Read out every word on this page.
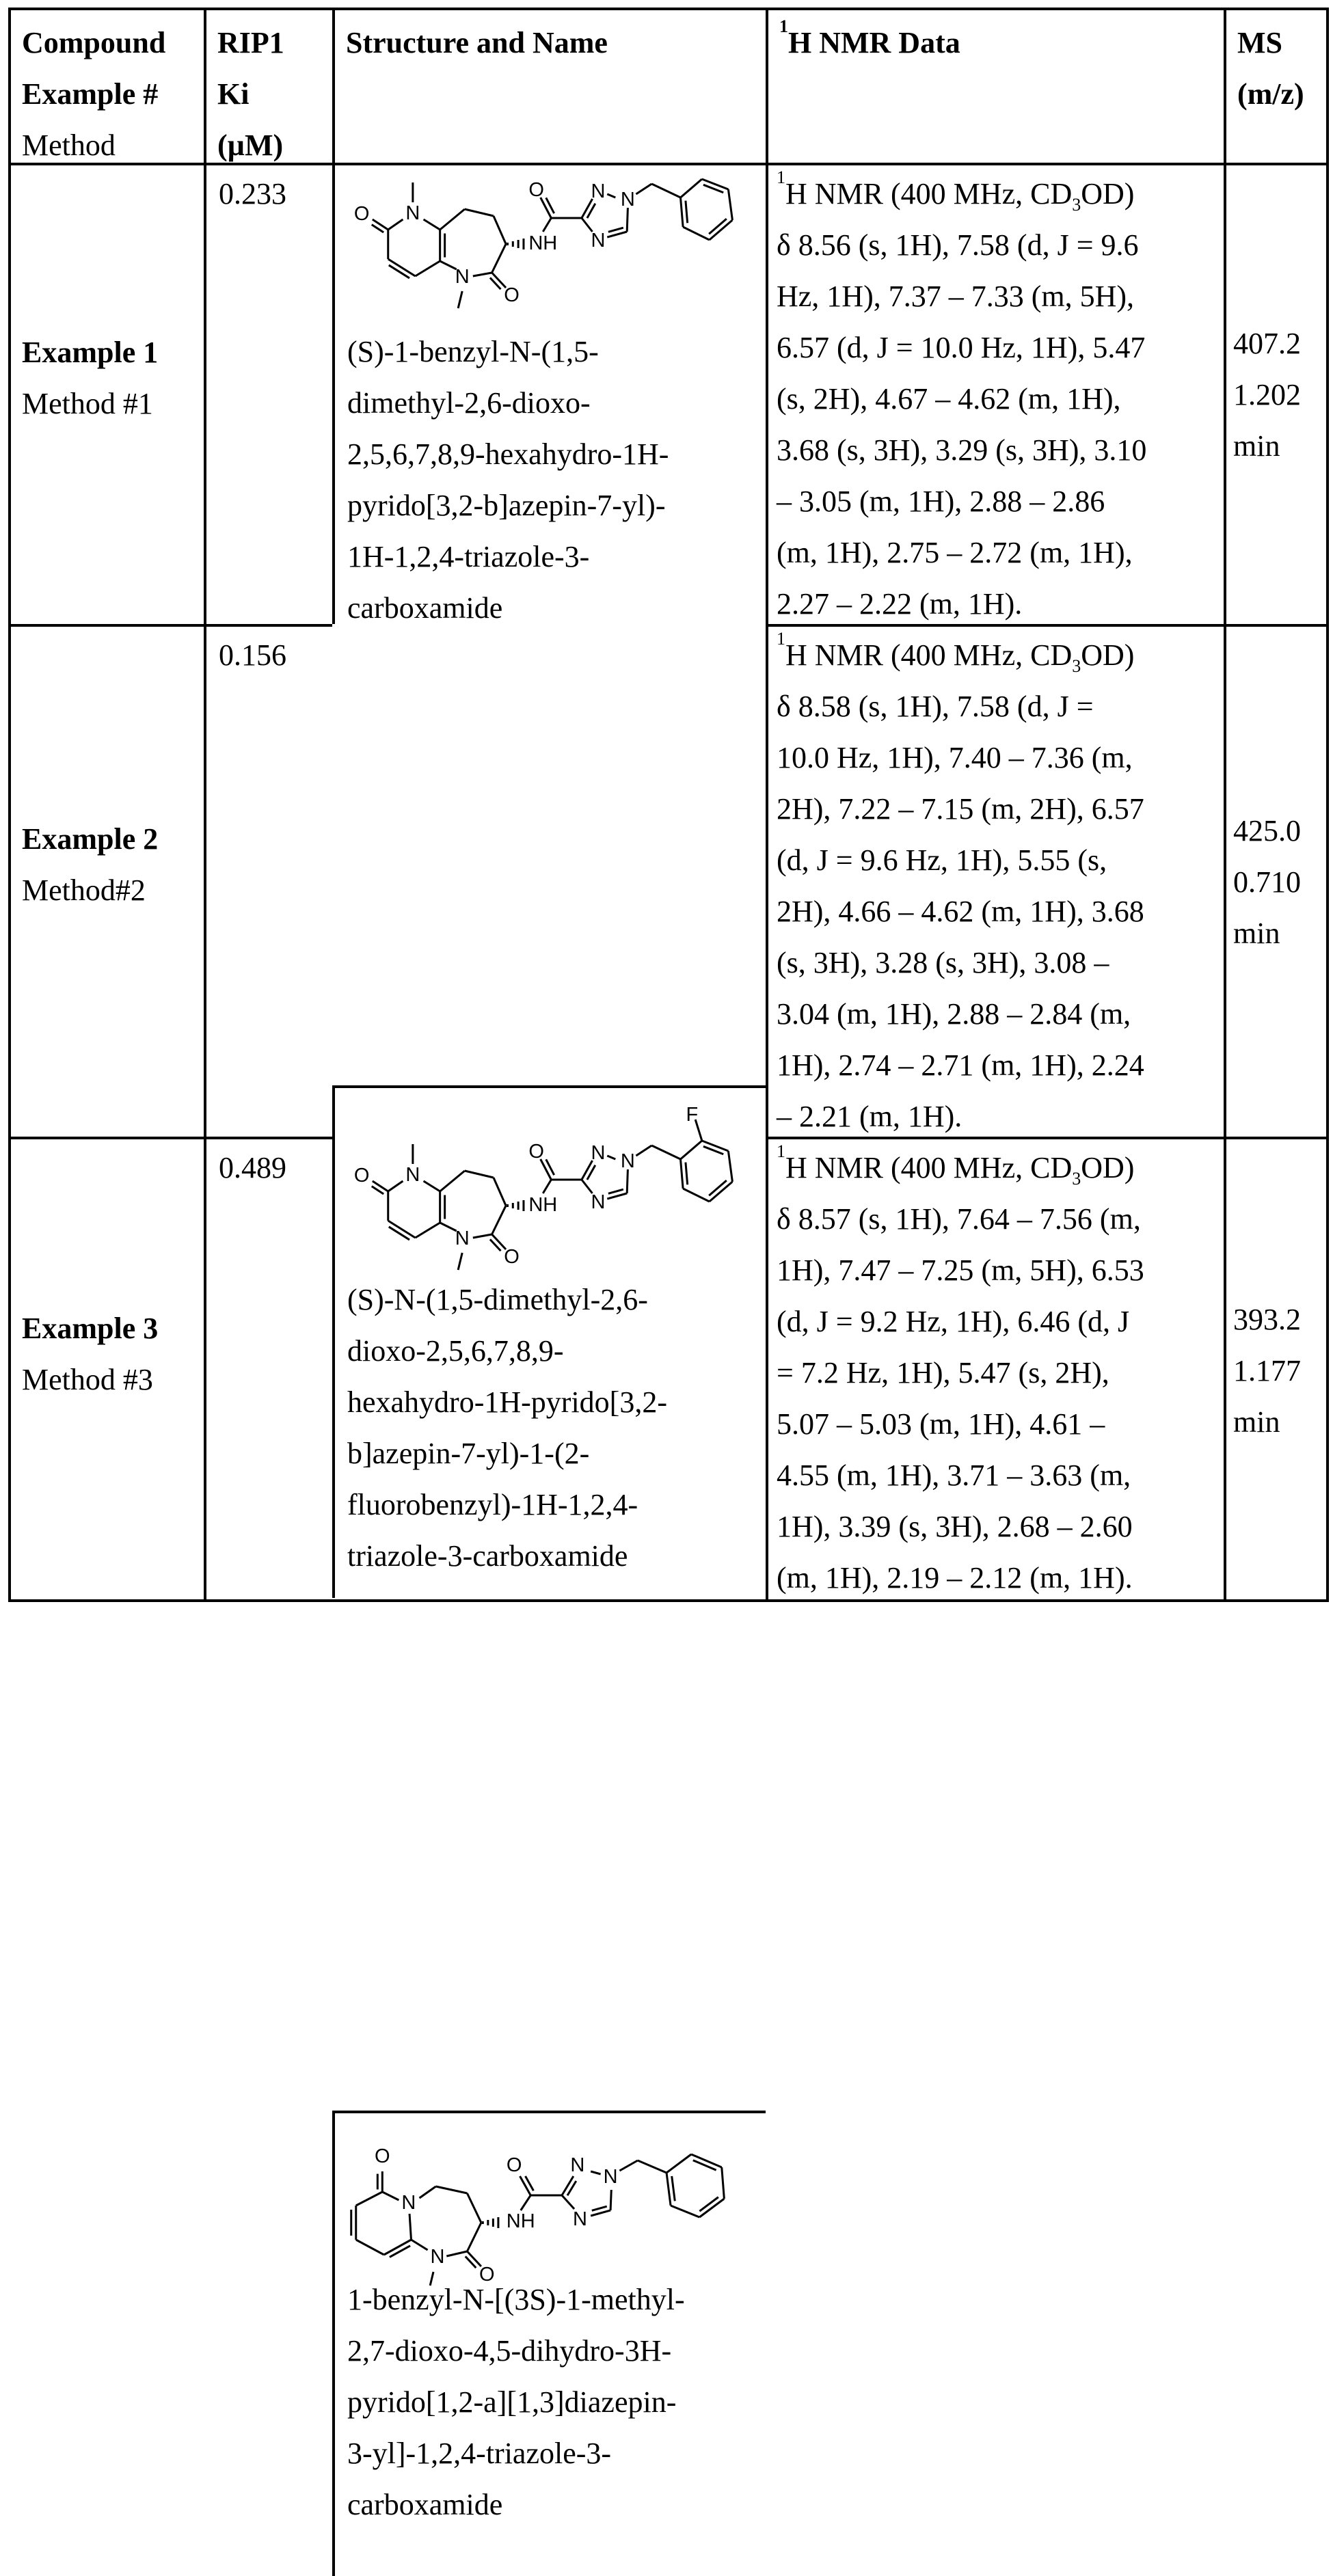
Compound
Example #
Method
RIP1
Ki
(µM)
Structure and Name	1H NMR Data	MS
(m/z)
Example 1
Method #1
0.233
O N
N
O
NH
O N N
N
(S)-1-benzyl-N-(1,5-
dimethyl-2,6-dioxo-
2,5,6,7,8,9-hexahydro-1H-
pyrido[3,2-b]azepin-7-yl)-
1H-1,2,4-triazole-3-
carboxamide
1H NMR (400 MHz, CD3OD)
δ 8.56 (s, 1H), 7.58 (d, J = 9.6
Hz, 1H), 7.37 – 7.33 (m, 5H),
6.57 (d, J = 10.0 Hz, 1H), 5.47
(s, 2H), 4.67 – 4.62 (m, 1H),
3.68 (s, 3H), 3.29 (s, 3H), 3.10
– 3.05 (m, 1H), 2.88 – 2.86
(m, 1H), 2.75 – 2.72 (m, 1H),
2.27 – 2.22 (m, 1H).
407.2
1.202
min
Example 2
Method#2
0.156
O N
N
O
NH
O N N
N
F
(S)-N-(1,5-dimethyl-2,6-
dioxo-2,5,6,7,8,9-
hexahydro-1H-pyrido[3,2-
b]azepin-7-yl)-1-(2-
fluorobenzyl)-1H-1,2,4-
triazole-3-carboxamide
1H NMR (400 MHz, CD3OD)
δ 8.58 (s, 1H), 7.58 (d, J =
10.0 Hz, 1H), 7.40 – 7.36 (m,
2H), 7.22 – 7.15 (m, 2H), 6.57
(d, J = 9.6 Hz, 1H), 5.55 (s,
2H), 4.66 – 4.62 (m, 1H), 3.68
(s, 3H), 3.28 (s, 3H), 3.08 –
3.04 (m, 1H), 2.88 – 2.84 (m,
1H), 2.74 – 2.71 (m, 1H), 2.24
– 2.21 (m, 1H).
425.0
0.710
min
Example 3
Method #3
0.489
O
N
N
O
NH
O N
N
N
1-benzyl-N-[(3S)-1-methyl-
2,7-dioxo-4,5-dihydro-3H-
pyrido[1,2-a][1,3]diazepin-
3-yl]-1,2,4-triazole-3-
carboxamide
1H NMR (400 MHz, CD3OD)
δ 8.57 (s, 1H), 7.64 – 7.56 (m,
1H), 7.47 – 7.25 (m, 5H), 6.53
(d, J = 9.2 Hz, 1H), 6.46 (d, J
= 7.2 Hz, 1H), 5.47 (s, 2H),
5.07 – 5.03 (m, 1H), 4.61 –
4.55 (m, 1H), 3.71 – 3.63 (m,
1H), 3.39 (s, 3H), 2.68 – 2.60
(m, 1H), 2.19 – 2.12 (m, 1H).
393.2
1.177
min
